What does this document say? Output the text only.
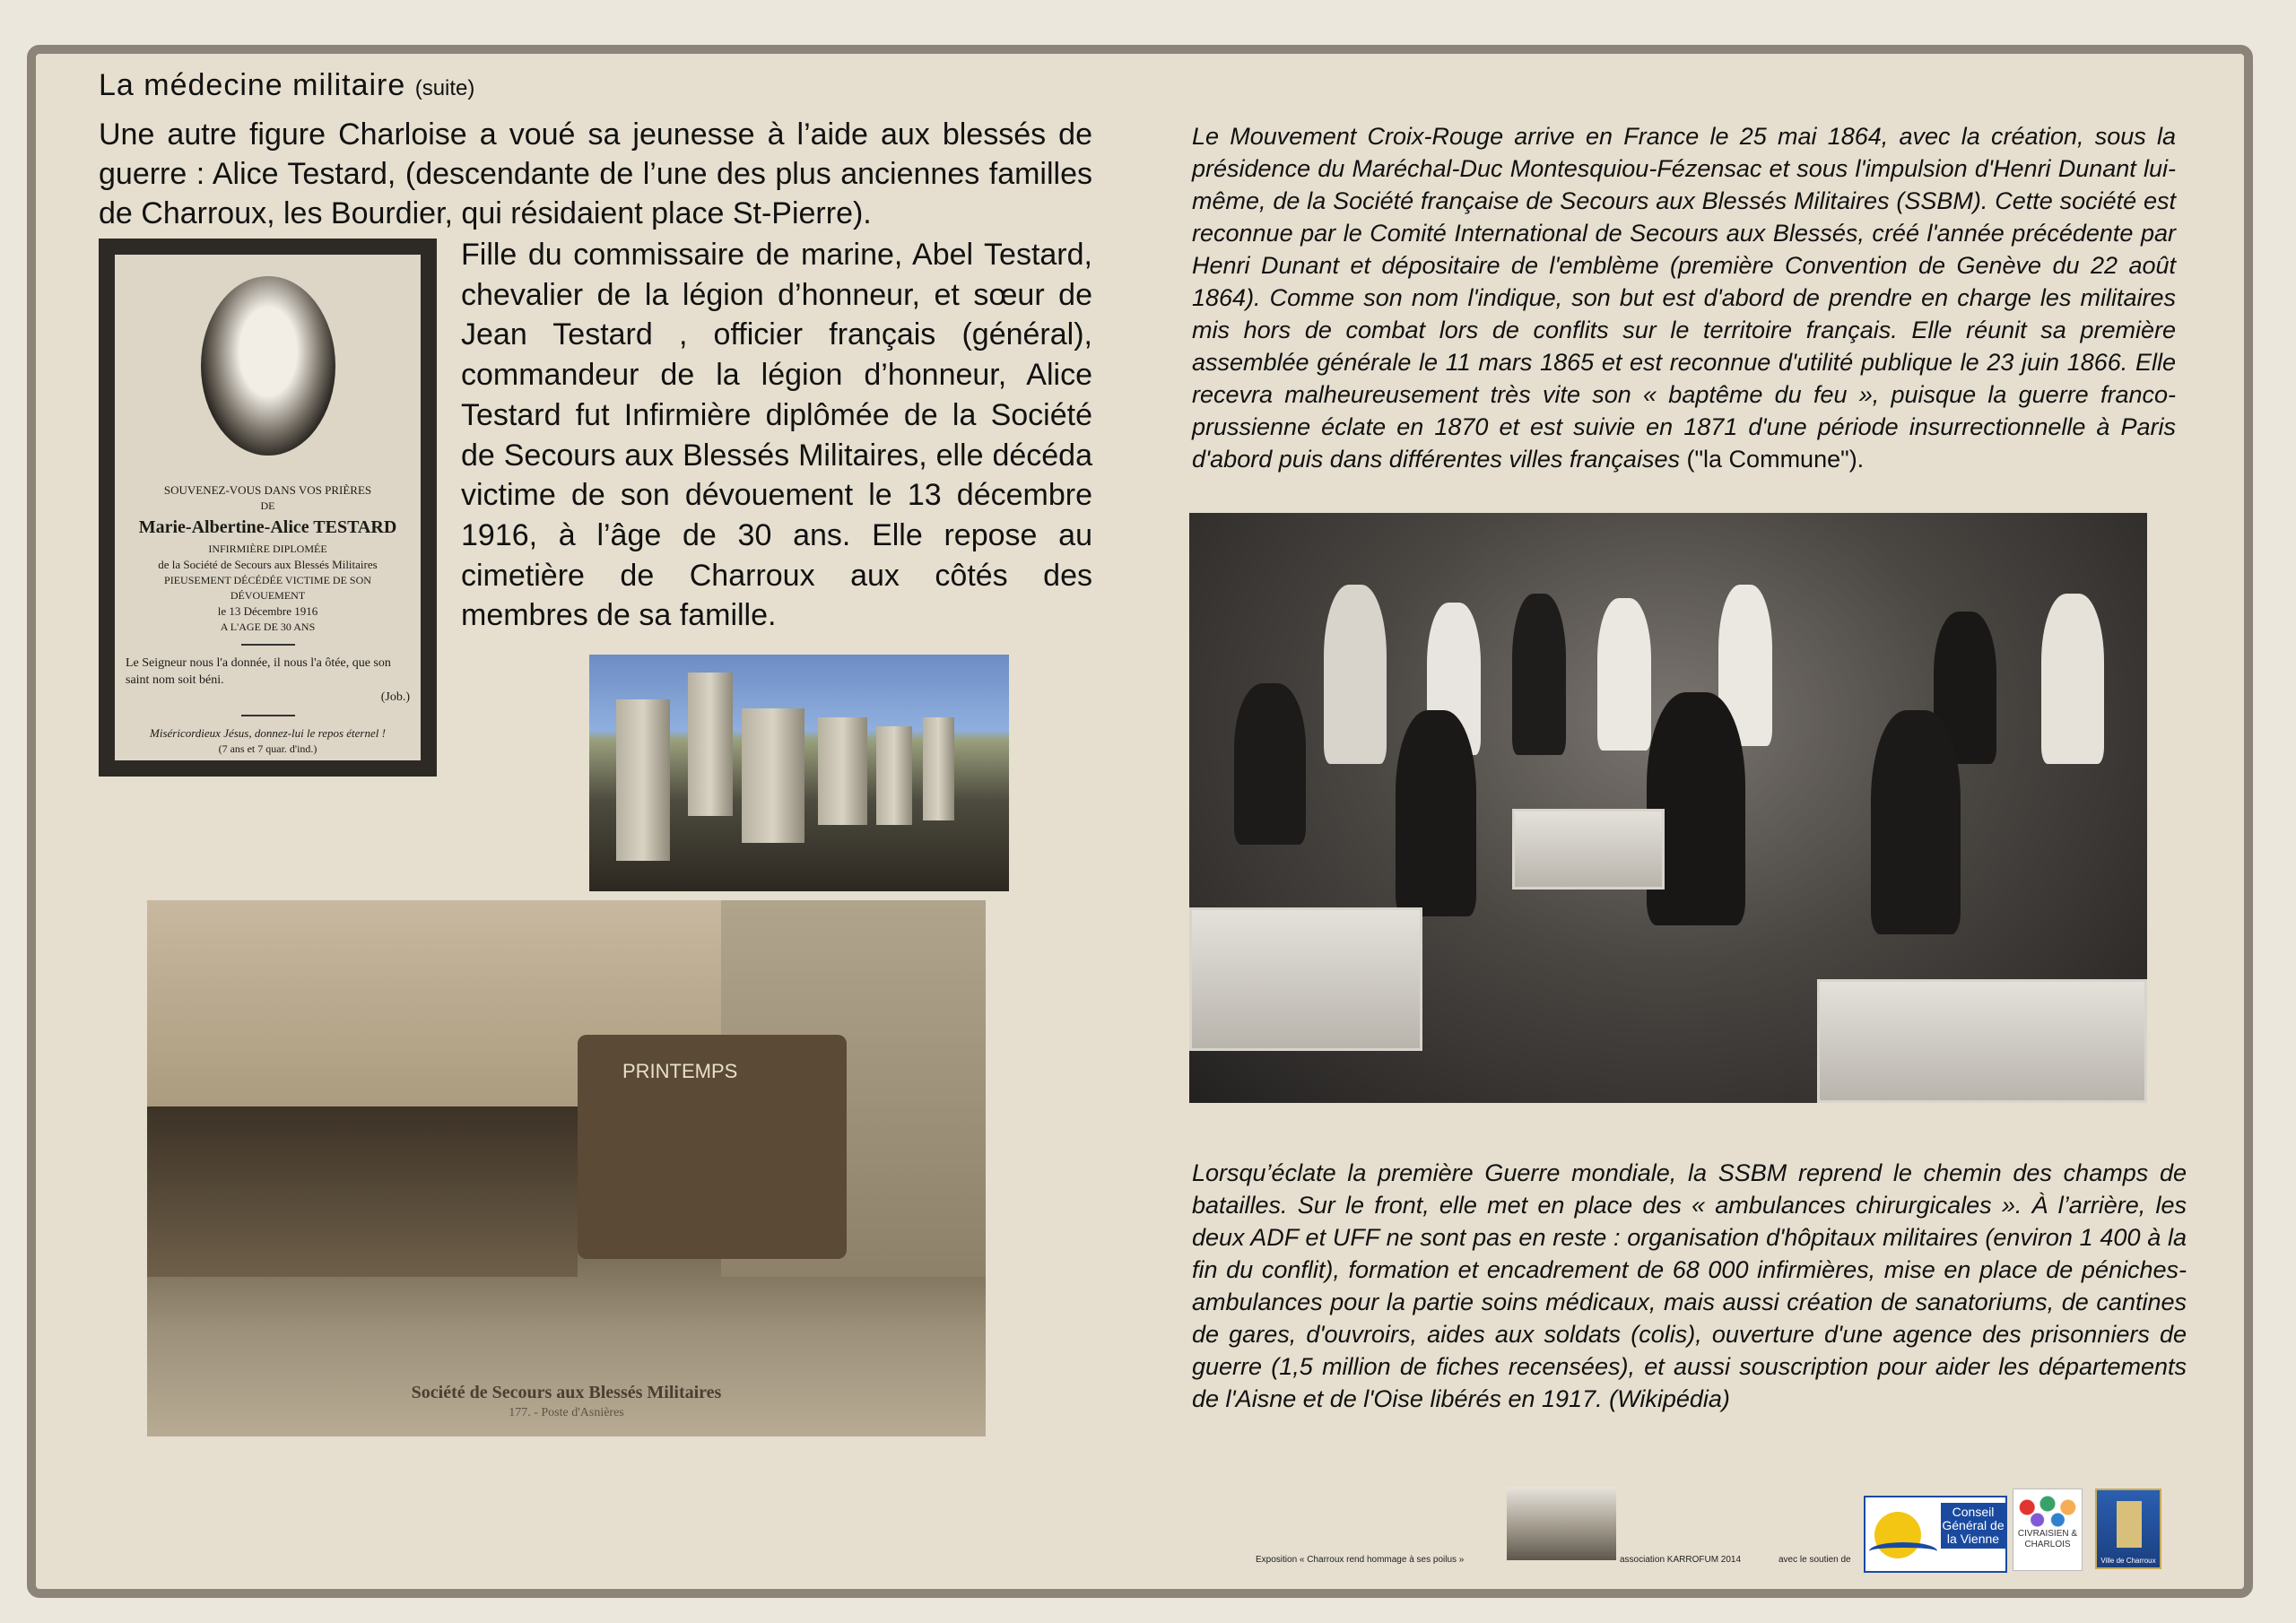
La médecine militaire (suite)

Une autre figure Charloise a voué sa jeunesse à l’aide aux blessés de guerre : Alice Testard, (descendante de l’une des plus anciennes familles de Charroux, les Bourdier, qui résidaient place St-Pierre).

SOUVENEZ-VOUS DANS VOS PRIÈRES
DE
Marie-Albertine-Alice TESTARD
INFIRMIÈRE DIPLOMÉE
de la Société de Secours aux Blessés Militaires
PIEUSEMENT DÉCÉDÉE VICTIME DE SON DÉVOUEMENT
le 13 Décembre 1916
A L'AGE DE 30 ANS
Le Seigneur nous l'a donnée, il nous l'a ôtée, que son saint nom soit béni.
(Job.)
Miséricordieux Jésus, donnez-lui le repos éternel !
(7 ans et 7 quar. d'ind.)

Fille du commissaire de marine, Abel Testard, chevalier de la légion d’honneur, et sœur de Jean Testard , officier français (général), commandeur de la légion d’honneur, Alice Testard fut Infirmière diplômée de la Société de Secours aux Blessés Militaires, elle décéda victime de son dévouement le 13 décembre 1916, à l’âge de 30 ans. Elle repose au cimetière de Charroux aux côtés des membres de sa famille.

PRINTEMPS
Société de Secours aux Blessés Militaires
177. - Poste d'Asnières

Le Mouvement Croix-Rouge arrive en France le 25 mai 1864, avec la création, sous la présidence du Maréchal-Duc Montesquiou-Fézensac et sous l'impulsion d'Henri Dunant lui-même, de la Société française de Secours aux Blessés Militaires (SSBM). Cette société est reconnue par le Comité International de Secours aux Blessés, créé l'année précédente par Henri Dunant et dépositaire de l'emblème (première Convention de Genève du 22 août 1864). Comme son nom l'indique, son but est d'abord de prendre en charge les militaires mis hors de combat lors de conflits sur le territoire français. Elle réunit sa première assemblée générale le 11 mars 1865 et est reconnue d'utilité publique le 23 juin 1866. Elle recevra malheureusement très vite son « baptême du feu », puisque la guerre franco-prussienne éclate en 1870 et est suivie en 1871 d'une période insurrectionnelle à Paris d'abord puis dans différentes villes françaises ("la Commune").

Lorsqu’éclate la première Guerre mondiale, la SSBM reprend le chemin des champs de batailles. Sur le front, elle met en place des « ambulances chirurgicales ». À l’arrière, les deux ADF et UFF ne sont pas en reste : organisation d'hôpitaux militaires (environ 1 400 à la fin du conflit), formation et encadrement de 68 000 infirmières, mise en place de péniches-ambulances pour la partie soins médicaux, mais aussi création de sanatoriums, de cantines de gares, d'ouvroirs, aides aux soldats (colis), ouverture d'une agence des prisonniers de guerre (1,5 million de fiches recensées), et aussi souscription pour aider les départements de l'Aisne et de l'Oise libérés en 1917. (Wikipédia)

Exposition « Charroux rend hommage à ses poilus »	association KARROFUM 2014	avec le soutien de
Conseil Général de la Vienne	CIVRAISIEN & CHARLOIS
Ville de Charroux
